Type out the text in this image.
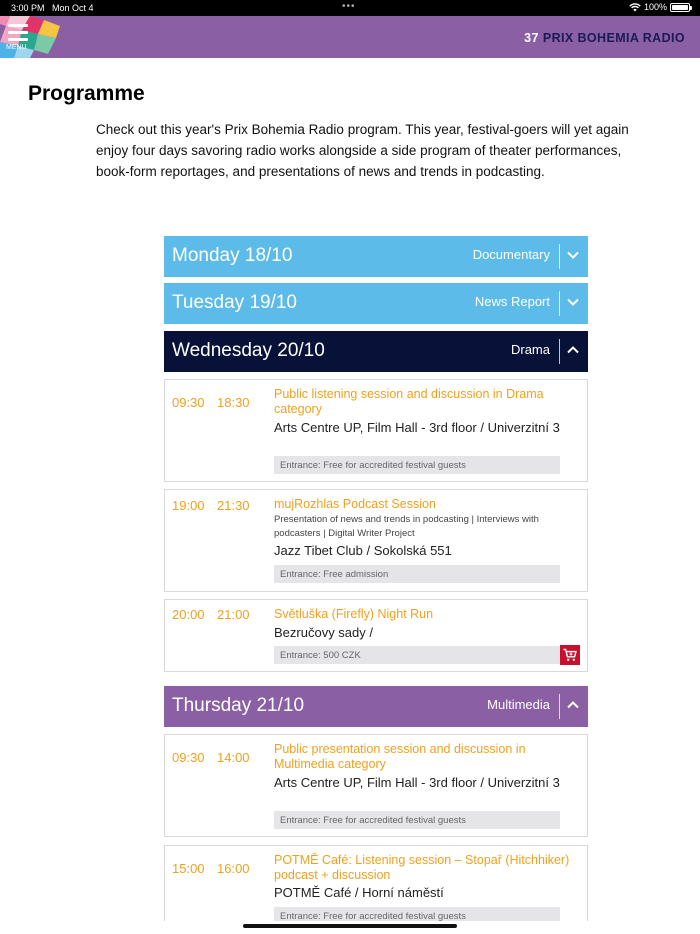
3:00 PM Mon Oct 4	•••	100%
MENU
37 PRIX BOHEMIA RADIO
Programme

Check out this year's Prix Bohemia Radio program. This year, festival-goers will yet again enjoy four days savoring radio works alongside a side program of theater performances, book-form reportages, and presentations of news and trends in podcasting.

Monday 18/10	Documentary
Tuesday 19/10	News Report
Wednesday 20/10	Drama
09:30 18:30
Public listening session and discussion in Drama category
Arts Centre UP, Film Hall - 3rd floor / Univerzitní 3
Entrance: Free for accredited festival guests
19:00 21:30 mujRozhlas Podcast Session
Presentation of news and trends in podcasting | Interviews with podcasters | Digital Writer Project
Jazz Tibet Club / Sokolská 551
Entrance: Free admission
20:00 21:00 Světluška (Firefly) Night Run
Bezručovy sady /
Entrance: 500 CZK
Thursday 21/10	Multimedia
09:30 14:00
Public presentation session and discussion in Multimedia category
Arts Centre UP, Film Hall - 3rd floor / Univerzitní 3
Entrance: Free for accredited festival guests
15:00 16:00
POTMĚ Café: Listening session – Stopař (Hitchhiker) podcast + discussion
POTMĚ Café / Horní náměstí
Entrance: Free for accredited festival guests
